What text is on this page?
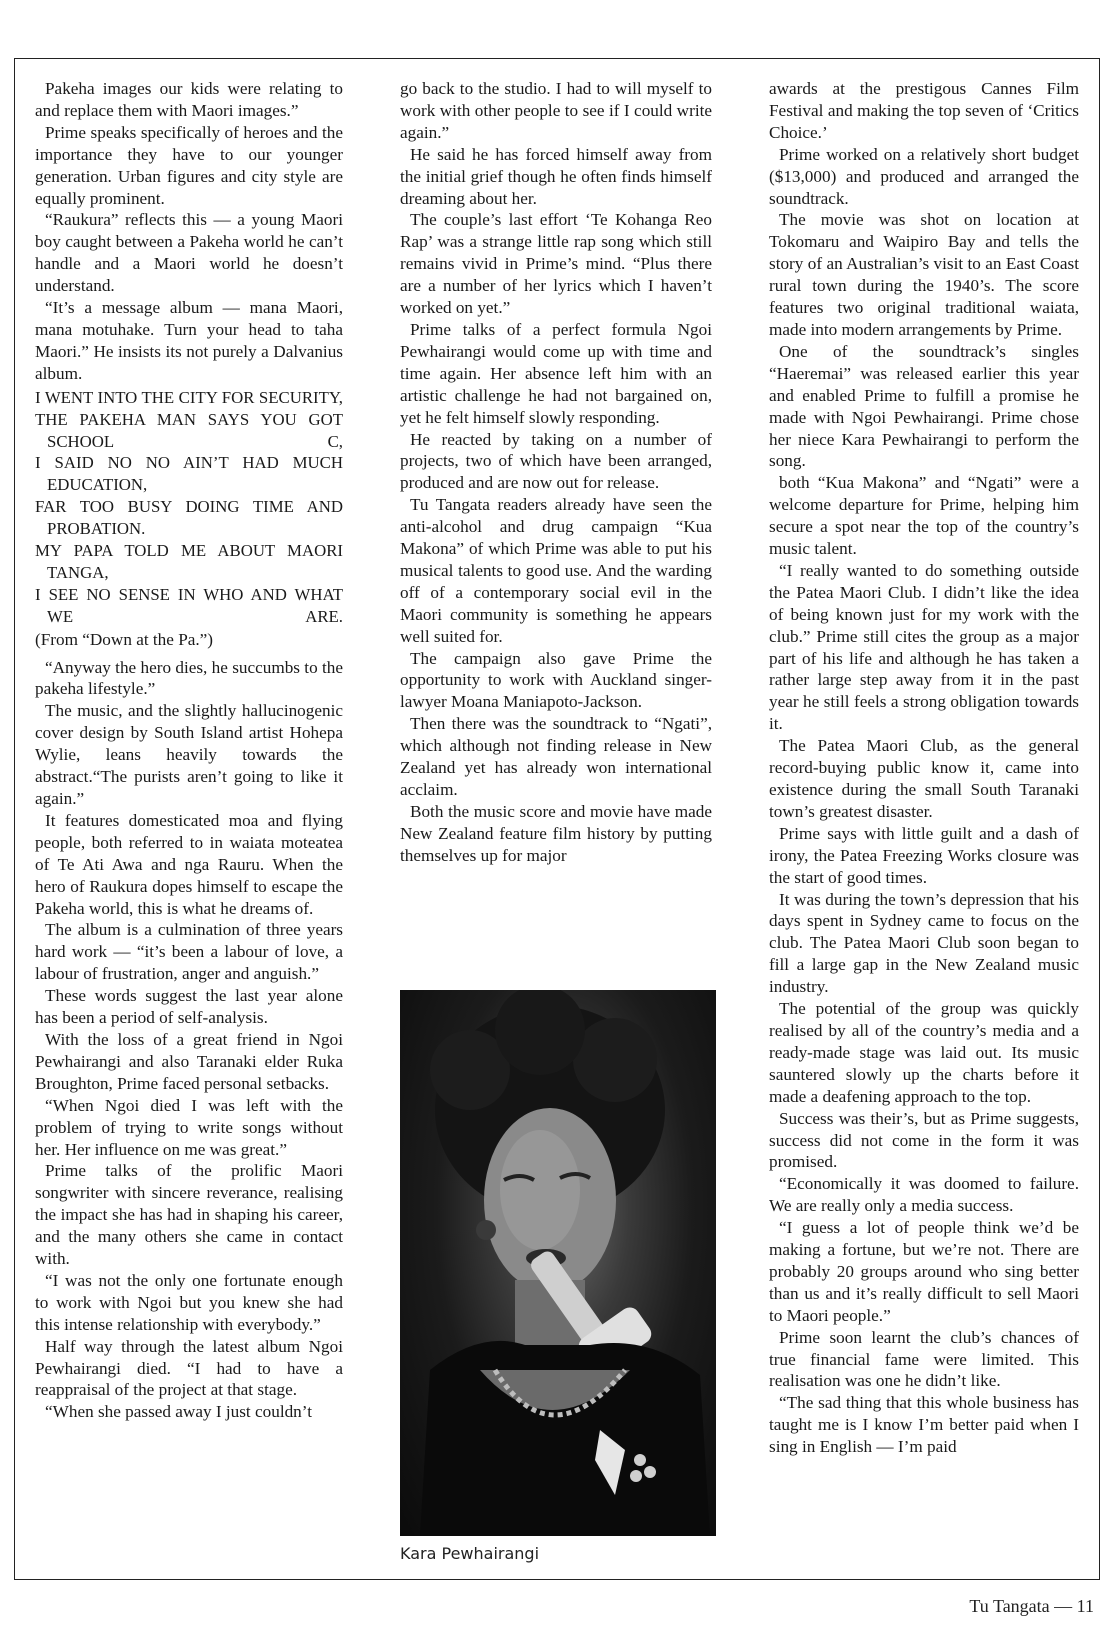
Pakeha images our kids were relating to and replace them with Maori images.”

Prime speaks specifically of heroes and the importance they have to our younger generation. Urban figures and city style are equally prominent.

“Raukura” reflects this — a young Maori boy caught between a Pakeha world he can’t handle and a Maori world he doesn’t understand.

“It’s a message album — mana Maori, mana motuhake. Turn your head to taha Maori.” He insists its not purely a Dalvanius album.

I WENT INTO THE CITY FOR SECURITY,
THE PAKEHA MAN SAYS YOU GOT SCHOOL C,
I SAID NO NO AIN’T HAD MUCH EDUCATION,
FAR TOO BUSY DOING TIME AND PROBATION.
MY PAPA TOLD ME ABOUT MAORI TANGA,
I SEE NO SENSE IN WHO AND WHAT WE ARE.
(From “Down at the Pa.”)

“Anyway the hero dies, he succumbs to the pakeha lifestyle.”

The music, and the slightly hallucinogenic cover design by South Island artist Hohepa Wylie, leans heavily towards the abstract.“The purists aren’t going to like it again.”

It features domesticated moa and flying people, both referred to in waiata moteatea of Te Ati Awa and nga Rauru. When the hero of Raukura dopes himself to escape the Pakeha world, this is what he dreams of.

The album is a culmination of three years hard work — “it’s been a labour of love, a labour of frustration, anger and anguish.”

These words suggest the last year alone has been a period of self-analysis.

With the loss of a great friend in Ngoi Pewhairangi and also Taranaki elder Ruka Broughton, Prime faced personal setbacks.

“When Ngoi died I was left with the problem of trying to write songs without her. Her influence on me was great.”

Prime talks of the prolific Maori songwriter with sincere reverance, realising the impact she has had in shaping his career, and the many others she came in contact with.

“I was not the only one fortunate enough to work with Ngoi but you knew she had this intense relationship with everybody.”

Half way through the latest album Ngoi Pewhairangi died. “I had to have a reappraisal of the project at that stage.

“When she passed away I just couldn’t

go back to the studio. I had to will myself to work with other people to see if I could write again.”

He said he has forced himself away from the initial grief though he often finds himself dreaming about her.

The couple’s last effort ‘Te Kohanga Reo Rap’ was a strange little rap song which still remains vivid in Prime’s mind. “Plus there are a number of her lyrics which I haven’t worked on yet.”

Prime talks of a perfect formula Ngoi Pewhairangi would come up with time and time again. Her absence left him with an artistic challenge he had not bargained on, yet he felt himself slowly responding.

He reacted by taking on a number of projects, two of which have been arranged, produced and are now out for release.

Tu Tangata readers already have seen the anti-alcohol and drug campaign “Kua Makona” of which Prime was able to put his musical talents to good use. And the warding off of a contemporary social evil in the Maori community is something he appears well suited for.

The campaign also gave Prime the opportunity to work with Auckland singer-lawyer Moana Maniapoto-Jackson.

Then there was the soundtrack to “Ngati”, which although not finding release in New Zealand yet has already won international acclaim.

Both the music score and movie have made New Zealand feature film history by putting themselves up for major

Kara Pewhairangi

awards at the prestigous Cannes Film Festival and making the top seven of ‘Critics Choice.’

Prime worked on a relatively short budget ($13,000) and produced and arranged the soundtrack.

The movie was shot on location at Tokomaru and Waipiro Bay and tells the story of an Australian’s visit to an East Coast rural town during the 1940’s. The score features two original traditional waiata, made into modern arrangements by Prime.

One of the soundtrack’s singles “Haeremai” was released earlier this year and enabled Prime to fulfill a promise he made with Ngoi Pewhairangi. Prime chose her niece Kara Pewhairangi to perform the song.

both “Kua Makona” and “Ngati” were a welcome departure for Prime, helping him secure a spot near the top of the country’s music talent.

“I really wanted to do something outside the Patea Maori Club. I didn’t like the idea of being known just for my work with the club.” Prime still cites the group as a major part of his life and although he has taken a rather large step away from it in the past year he still feels a strong obligation towards it.

The Patea Maori Club, as the general record-buying public know it, came into existence during the small South Taranaki town’s greatest disaster.

Prime says with little guilt and a dash of irony, the Patea Freezing Works closure was the start of good times.

It was during the town’s depression that his days spent in Sydney came to focus on the club. The Patea Maori Club soon began to fill a large gap in the New Zealand music industry.

The potential of the group was quickly realised by all of the country’s media and a ready-made stage was laid out. Its music sauntered slowly up the charts before it made a deafening approach to the top.

Success was their’s, but as Prime suggests, success did not come in the form it was promised.

“Economically it was doomed to failure. We are really only a media success.

“I guess a lot of people think we’d be making a fortune, but we’re not. There are probably 20 groups around who sing better than us and it’s really difficult to sell Maori to Maori people.”

Prime soon learnt the club’s chances of true financial fame were limited. This realisation was one he didn’t like.

“The sad thing that this whole business has taught me is I know I’m better paid when I sing in English — I’m paid

Tu Tangata — 11
